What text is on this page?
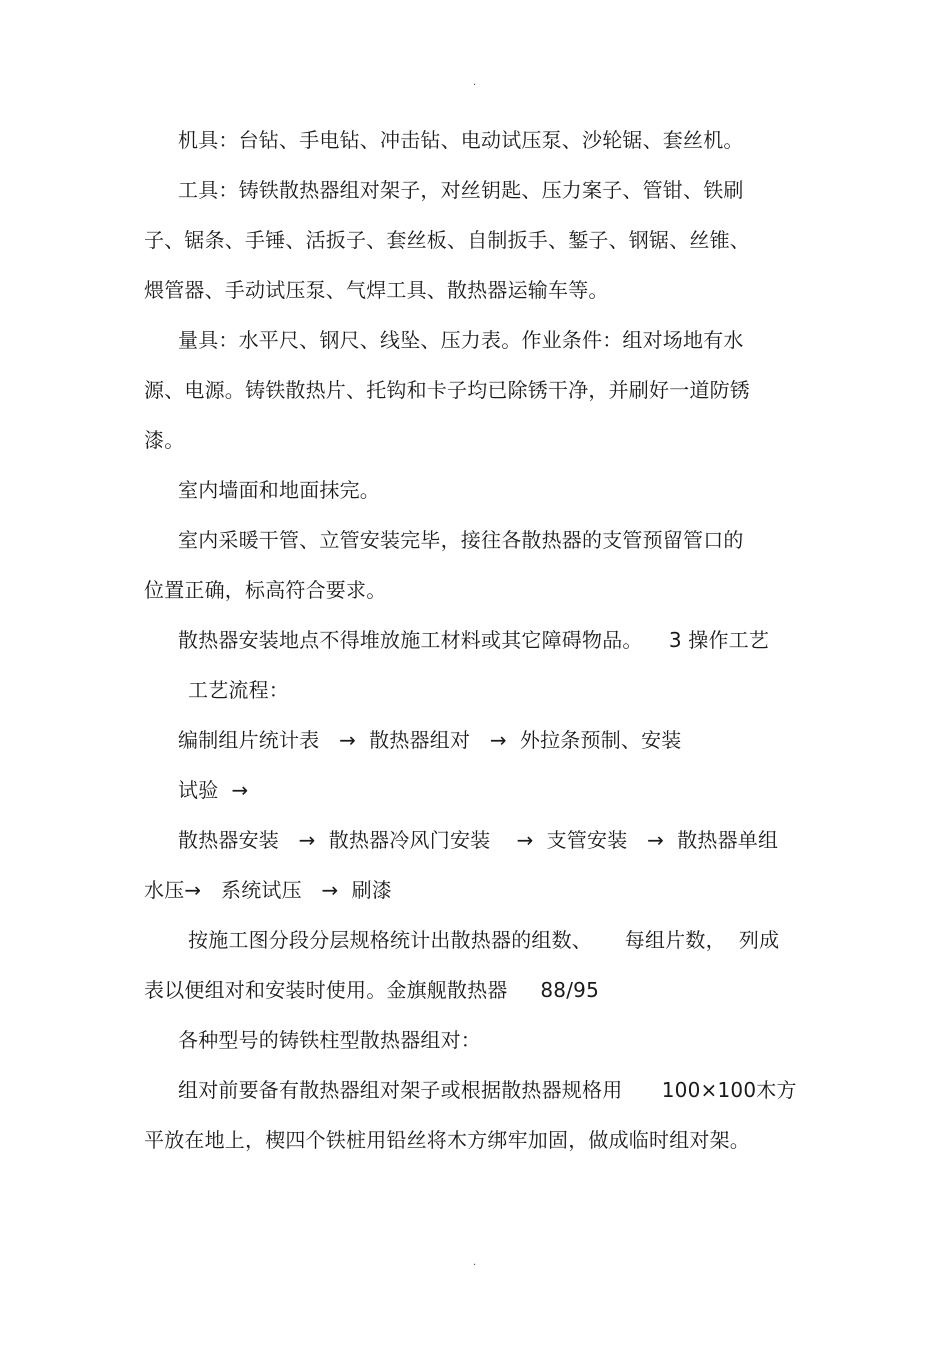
.
机具：台钻、手电钻、冲击钻、电动试压泵、沙轮锯、套丝机。
工具：铸铁散热器组对架子，对丝钥匙、压力案子、管钳、铁刷
子、锯条、手锤、活扳子、套丝板、自制扳手、錾子、钢锯、丝锥、
煨管器、手动试压泵、气焊工具、散热器运输车等。
量具：水平尺、钢尺、线坠、压力表。作业条件：组对场地有水
源、电源。铸铁散热片、托钩和卡子均已除锈干净，并刷好一道防锈
漆。
室内墙面和地面抹完。
室内采暖干管、立管安装完毕，接往各散热器的支管预留管口的
位置正确，标高符合要求。
散热器安装地点不得堆放施工材料或其它障碍物品。    3 操作工艺
工艺流程：
编制组片统计表   →  散热器组对   →  外拉条预制、安装
试验  →
散热器安装   →  散热器冷风门安装    →  支管安装   →  散热器单组
水压→   系统试压   →  刷漆
按施工图分段分层规格统计出散热器的组数、     每组片数，  列成
表以便组对和安装时使用。金旗舰散热器     88/95
各种型号的铸铁柱型散热器组对：
组对前要备有散热器组对架子或根据散热器规格用      100×100木方
平放在地上，楔四个铁桩用铅丝将木方绑牢加固，做成临时组对架。
.
